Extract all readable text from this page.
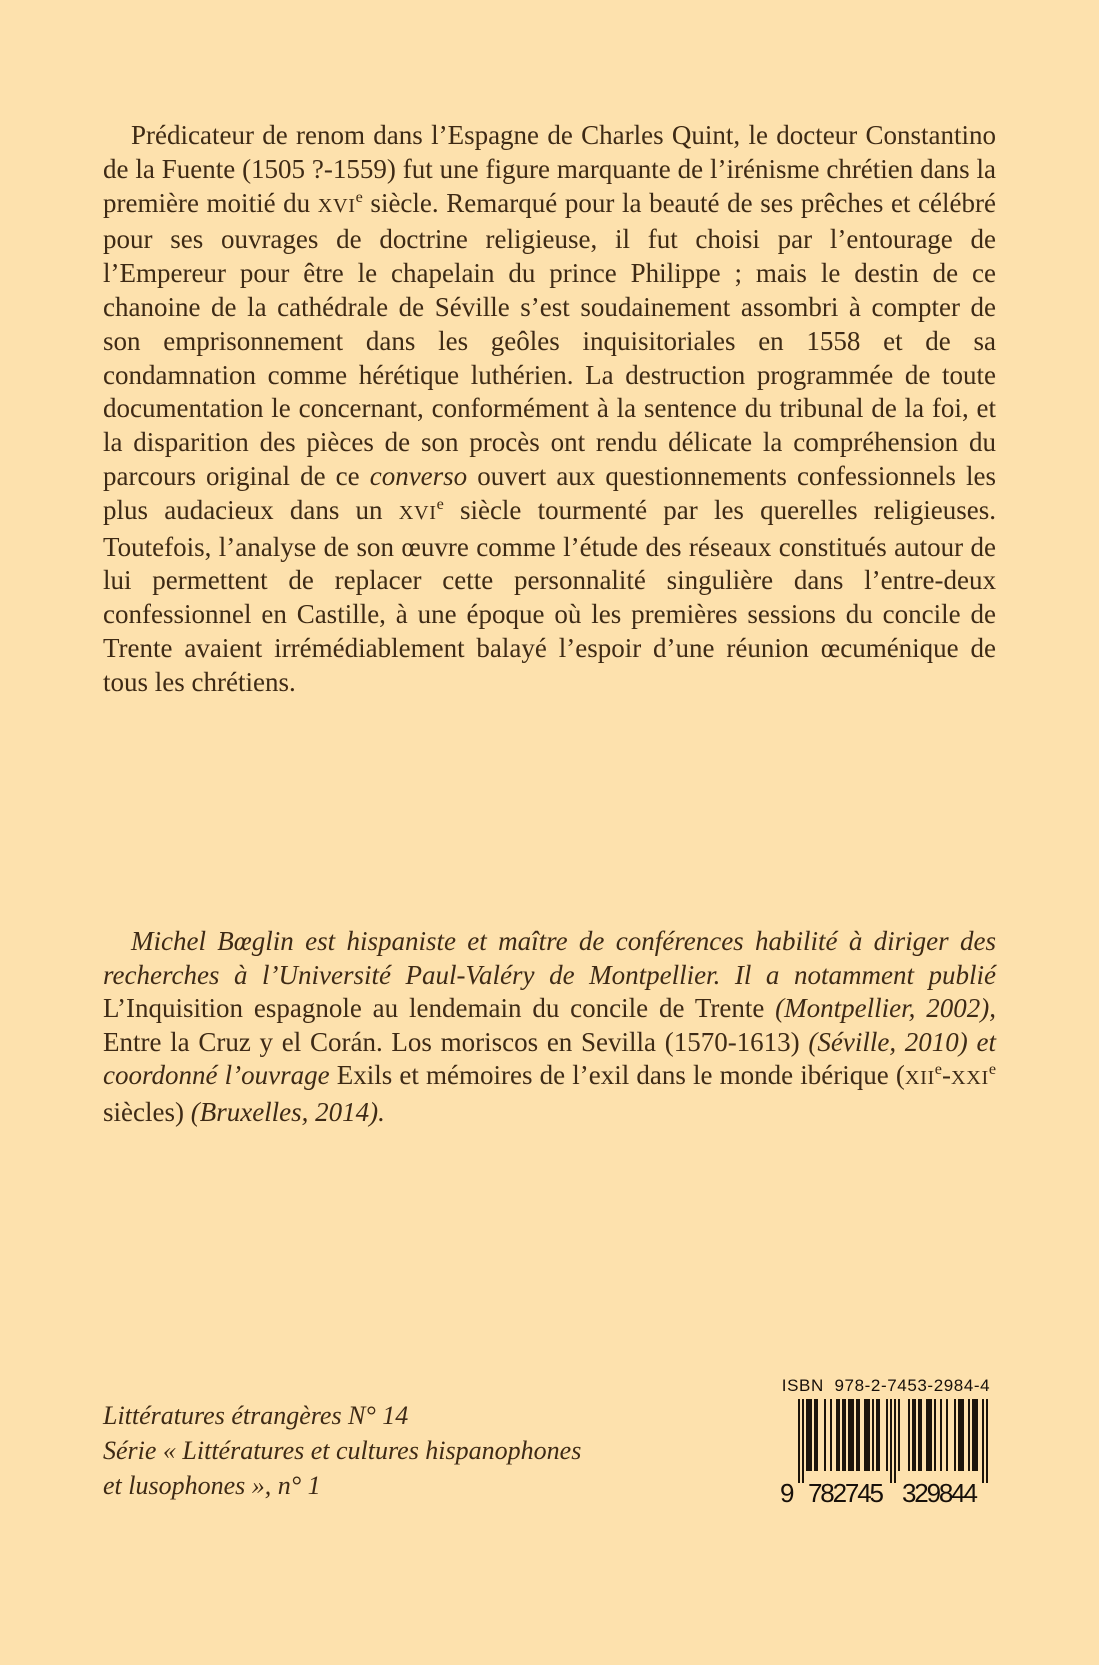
Prédicateur de renom dans l’Espagne de Charles Quint, le docteur Constantino de la Fuente (1505 ?-1559) fut une figure marquante de l’irénisme chrétien dans la première moitié du XVIe siècle. Remarqué pour la beauté de ses prêches et célébré pour ses ouvrages de doctrine religieuse, il fut choisi par l’entourage de l’Empereur pour être le chapelain du prince Philippe ; mais le destin de ce chanoine de la cathédrale de Séville s’est soudainement assombri à compter de son emprisonnement dans les geôles inquisitoriales en 1558 et de sa condamnation comme hérétique luthérien. La destruction programmée de toute documentation le concernant, conformément à la sentence du tribunal de la foi, et la disparition des pièces de son procès ont rendu délicate la compréhension du parcours original de ce converso ouvert aux questionnements confessionnels les plus audacieux dans un XVIe siècle tourmenté par les querelles religieuses. Toutefois, l’analyse de son œuvre comme l’étude des réseaux constitués autour de lui permettent de replacer cette personnalité singulière dans l’entre-deux confessionnel en Castille, à une époque où les premières sessions du concile de Trente avaient irrémédiablement balayé l’espoir d’une réunion œcuménique de tous les chrétiens.

Michel Bœglin est hispaniste et maître de conférences habilité à diriger des recherches à l’Université Paul-Valéry de Montpellier. Il a notamment publié L’Inquisition espagnole au lendemain du concile de Trente (Montpellier, 2002), Entre la Cruz y el Corán. Los moriscos en Sevilla (1570-1613) (Séville, 2010) et coordonné l’ouvrage Exils et mémoires de l’exil dans le monde ibérique (XIIe-XXIe siècles) (Bruxelles, 2014).

Littératures étrangères N° 14
Série « Littératures et cultures hispanophones
et lusophones », n° 1
ISBN  978-2-7453-2984-4
9 782745 329844
